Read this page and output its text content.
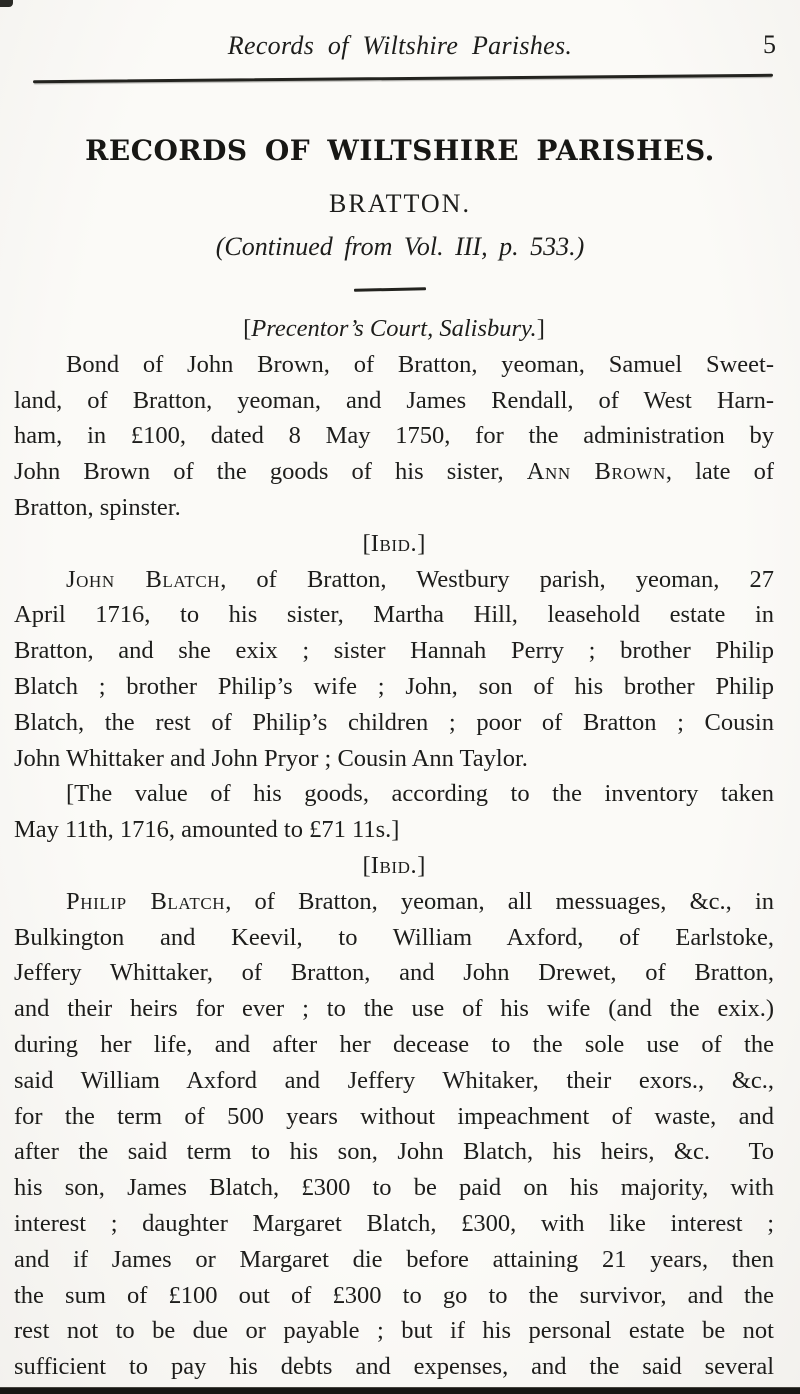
Records of Wiltshire Parishes.	5
RECORDS OF WILTSHIRE PARISHES.
BRATTON.
(Continued from Vol. III, p. 533.)
[Precentor’s Court, Salisbury.]
Bond of John Brown, of Bratton, yeoman, Samuel Sweet-
land, of Bratton, yeoman, and James Rendall, of West Harn-
ham, in £100, dated 8 May 1750, for the administration by
John Brown of the goods of his sister, Ann Brown, late of
Bratton, spinster.
[Ibid.]
John Blatch, of Bratton, Westbury parish, yeoman, 27
April 1716, to his sister, Martha Hill, leasehold estate in
Bratton, and she exix ; sister Hannah Perry ; brother Philip
Blatch ; brother Philip’s wife ; John, son of his brother Philip
Blatch, the rest of Philip’s children ; poor of Bratton ; Cousin
John Whittaker and John Pryor ; Cousin Ann Taylor.
[The value of his goods, according to the inventory taken
May 11th, 1716, amounted to £71 11s.]
[Ibid.]
Philip Blatch, of Bratton, yeoman, all messuages, &c., in
Bulkington and Keevil, to William Axford, of Earlstoke,
Jeffery Whittaker, of Bratton, and John Drewet, of Bratton,
and their heirs for ever ; to the use of his wife (and the exix.)
during her life, and after her decease to the sole use of the
said William Axford and Jeffery Whitaker, their exors., &c.,
for the term of 500 years without impeachment of waste, and
after the said term to his son, John Blatch, his heirs, &c.  To
his son, James Blatch, £300 to be paid on his majority, with
interest ; daughter Margaret Blatch, £300, with like interest ;
and if James or Margaret die before attaining 21 years, then
the sum of £100 out of £300 to go to the survivor, and the
rest not to be due or payable ; but if his personal estate be not
sufficient to pay his debts and expenses, and the said several
